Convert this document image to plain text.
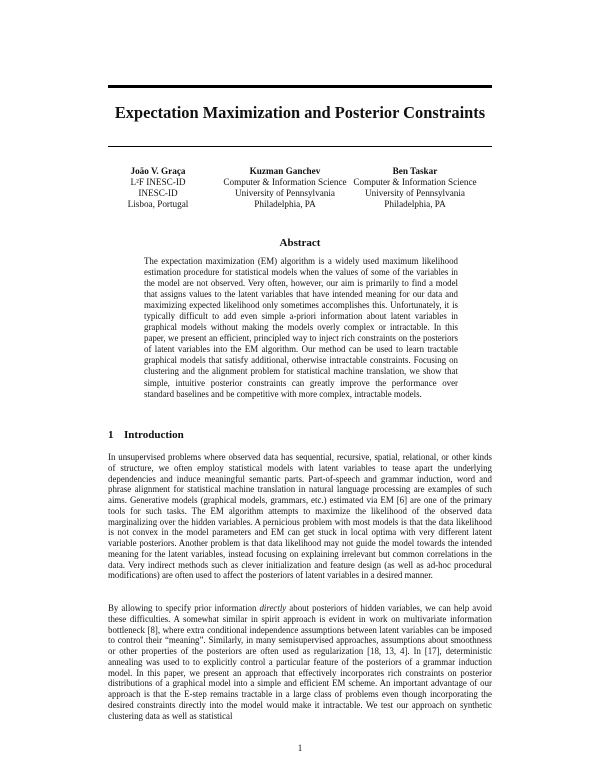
Expectation Maximization and Posterior Constraints
João V. Graça
L²F INESC-ID
INESC-ID
Lisboa, Portugal
Kuzman Ganchev
Computer & Information Science
University of Pennsylvania
Philadelphia, PA
Ben Taskar
Computer & Information Science
University of Pennsylvania
Philadelphia, PA
Abstract

The expectation maximization (EM) algorithm is a widely used maximum likelihood estimation procedure for statistical models when the values of some of the variables in the model are not observed. Very often, however, our aim is primarily to find a model that assigns values to the latent variables that have intended meaning for our data and maximizing expected likelihood only sometimes accomplishes this. Unfortunately, it is typically difficult to add even simple a-priori information about latent variables in graphical models without making the models overly complex or intractable. In this paper, we present an efficient, principled way to inject rich constraints on the posteriors of latent variables into the EM algorithm. Our method can be used to learn tractable graphical models that satisfy additional, otherwise intractable constraints. Focusing on clustering and the alignment problem for statistical machine translation, we show that simple, intuitive posterior constraints can greatly improve the performance over standard baselines and be competitive with more complex, intractable models.

1 Introduction

In unsupervised problems where observed data has sequential, recursive, spatial, relational, or other kinds of structure, we often employ statistical models with latent variables to tease apart the underlying dependencies and induce meaningful semantic parts. Part-of-speech and grammar induction, word and phrase alignment for statistical machine translation in natural language processing are examples of such aims. Generative models (graphical models, grammars, etc.) estimated via EM [6] are one of the primary tools for such tasks. The EM algorithm attempts to maximize the likelihood of the observed data marginalizing over the hidden variables. A pernicious problem with most models is that the data likelihood is not convex in the model parameters and EM can get stuck in local optima with very different latent variable posteriors. Another problem is that data likelihood may not guide the model towards the intended meaning for the latent variables, instead focusing on explaining irrelevant but common correlations in the data. Very indirect methods such as clever initialization and feature design (as well as ad-hoc procedural modifications) are often used to affect the posteriors of latent variables in a desired manner.

By allowing to specify prior information directly about posteriors of hidden variables, we can help avoid these difficulties. A somewhat similar in spirit approach is evident in work on multivariate information bottleneck [8], where extra conditional independence assumptions between latent variables can be imposed to control their “meaning”. Similarly, in many semisupervised approaches, assumptions about smoothness or other properties of the posteriors are often used as regularization [18, 13, 4]. In [17], deterministic annealing was used to to explicitly control a particular feature of the posteriors of a grammar induction model. In this paper, we present an approach that effectively incorporates rich constraints on posterior distributions of a graphical model into a simple and efficient EM scheme. An important advantage of our approach is that the E-step remains tractable in a large class of problems even though incorporating the desired constraints directly into the model would make it intractable. We test our approach on synthetic clustering data as well as statistical

1
